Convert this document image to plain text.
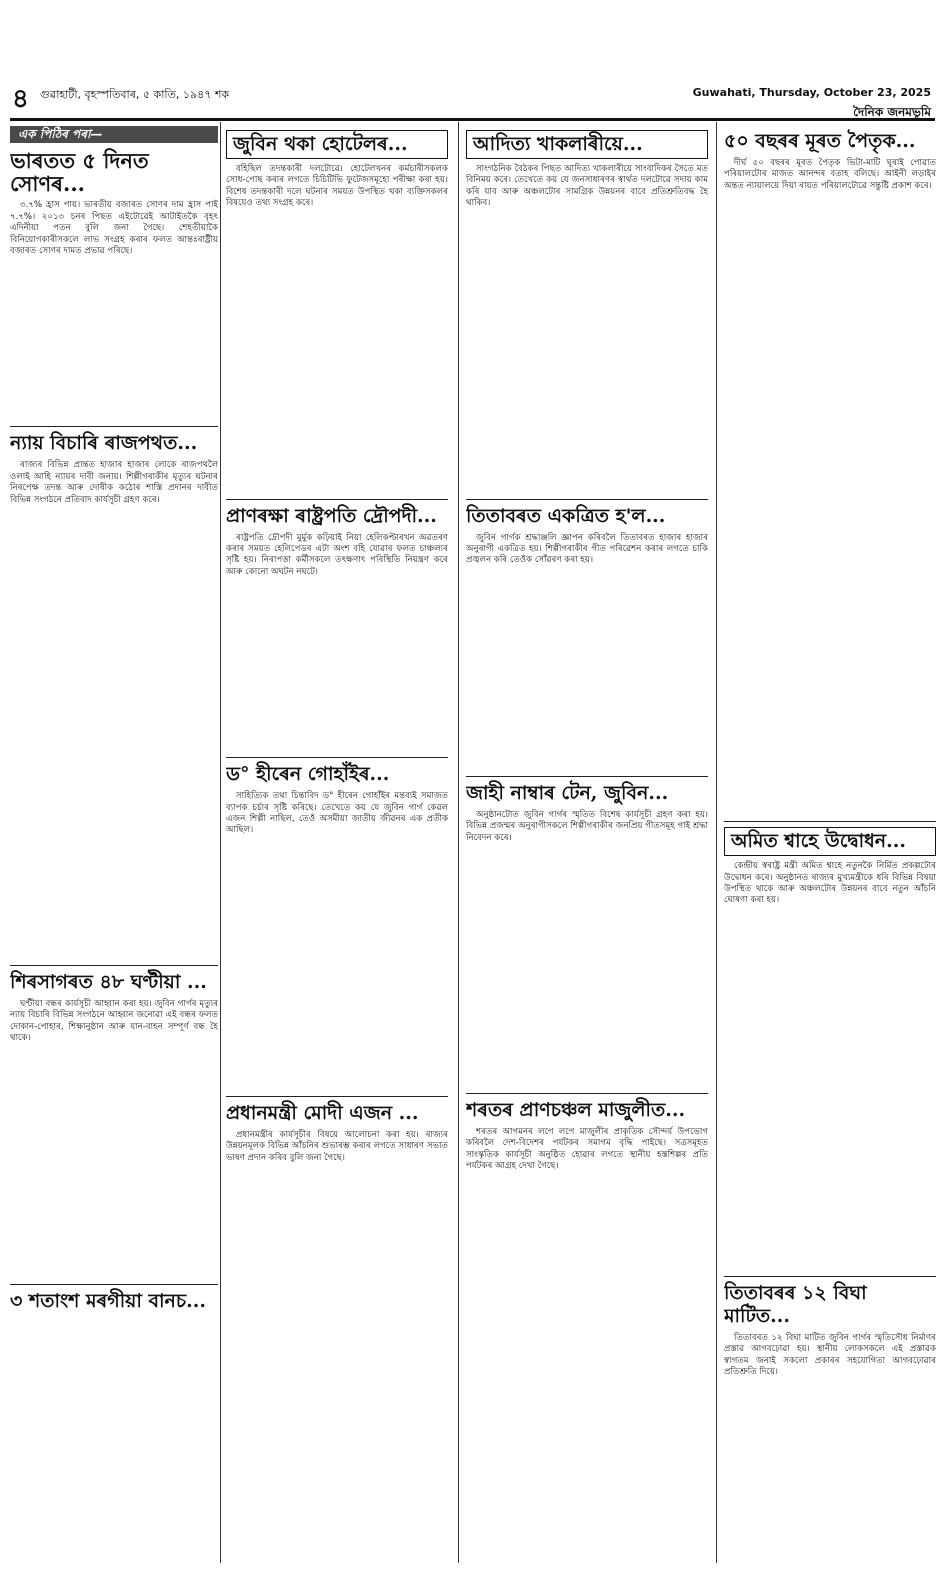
৪ গুৱাহাটী, বৃহস্পতিবাৰ, ৫ কাতি, ১৯৪৭ শক	Guwahati, Thursday, October 23, 2025
দৈনিক জনমভূমি
এক পিঠিৰ পৰা—
ভাৰতত ৫ দিনত সোণৰ...

৩.৭% হ্ৰাস পায়। ভাৰতীয় বজাৰত সোণৰ দাম হ্ৰাস পাই ৭.৭%। ২০১৩ চনৰ পিছত এইটোৱেই আটাইতকৈ বৃহৎ এদিনীয়া পতন বুলি জনা গৈছে। শেহতীয়াকৈ বিনিয়োগকাৰীসকলে লাভ সংগ্ৰহ কৰাৰ ফলত আন্তঃৰাষ্ট্ৰীয় বজাৰত সোণৰ দামত প্ৰভাৱ পৰিছে।

ন্যায় বিচাৰি ৰাজপথত...

ৰাজ্যৰ বিভিন্ন প্ৰান্তত হাজাৰ হাজাৰ লোকে ৰাজপথলৈ ওলাই আহি ন্যায়ৰ দাবী জনায়। শিল্পীগৰাকীৰ মৃত্যুৰ ঘটনাৰ নিৰপেক্ষ তদন্ত আৰু দোষীক কঠোৰ শাস্তি প্ৰদানৰ দাবীত বিভিন্ন সংগঠনে প্ৰতিবাদ কাৰ্যসূচী গ্ৰহণ কৰে।

শিৰসাগৰত ৪৮ ঘণ্টীয়া ...

ঘণ্টীয়া বন্ধৰ কাৰ্যসূচী আহ্বান কৰা হয়। জুবিন গাৰ্গৰ মৃত্যুৰ ন্যায় বিচাৰি বিভিন্ন সংগঠনে আহ্বান জনোৱা এই বন্ধৰ ফলত দোকান-পোহাৰ, শিক্ষানুষ্ঠান আৰু যান-বাহন সম্পূৰ্ণ বন্ধ হৈ থাকে।

৩ শতাংশ মৰগীয়া বানচ...
জুবিন থকা হোটেলৰ...

বহিছিল তদন্তকাৰী দলটোৱে। হোটেলখনৰ কৰ্মচাৰীসকলক সোধ-পোছ কৰাৰ লগতে চিচিটিভি ফুটেজসমূহো পৰীক্ষা কৰা হয়। বিশেষ তদন্তকাৰী দলে ঘটনাৰ সময়ত উপস্থিত থকা ব্যক্তিসকলৰ বিষয়েও তথ্য সংগ্ৰহ কৰে।

প্ৰাণৰক্ষা ৰাষ্ট্ৰপতি দ্ৰৌপদী...

ৰাষ্ট্ৰপতি দ্ৰৌপদী মুৰ্মুক কঢ়িয়াই নিয়া হেলিকপ্টাৰখন অৱতৰণ কৰাৰ সময়ত হেলিপেডৰ এটা অংশ বহি যোৱাৰ ফলত চাঞ্চল্যৰ সৃষ্টি হয়। নিৰাপত্তা কৰ্মীসকলে তৎক্ষণাৎ পৰিস্থিতি নিয়ন্ত্ৰণ কৰে আৰু কোনো অঘটন নঘটে।

ড° হীৰেন গোহাঁইৰ...

সাহিত্যিক তথা চিন্তাবিদ ড° হীৰেন গোহাঁইৰ মন্তব্যই সমাজত ব্যাপক চৰ্চাৰ সৃষ্টি কৰিছে। তেখেতে কয় যে জুবিন গাৰ্গ কেৱল এজন শিল্পী নাছিল, তেওঁ অসমীয়া জাতীয় জীৱনৰ এক প্ৰতীক আছিল।

প্ৰধানমন্ত্ৰী মোদী এজন ...

প্ৰধানমন্ত্ৰীৰ কাৰ্যসূচীৰ বিষয়ে আলোচনা কৰা হয়। ৰাজ্যৰ উন্নয়নমূলক বিভিন্ন আঁচনিৰ শুভাৰম্ভ কৰাৰ লগতে সাধাৰণ সভাত ভাষণ প্ৰদান কৰিব বুলি জনা গৈছে।

আদিত্য খাকলাৰীয়ে...

সাংগঠনিক বৈঠকৰ পিছত আদিত্য খাকলাৰীয়ে সাংবাদিকৰ সৈতে মত বিনিময় কৰে। তেখেতে কয় যে জনসাধাৰণৰ স্বাৰ্থত দলটোৱে সদায় কাম কৰি যাব আৰু অঞ্চলটোৰ সামগ্ৰিক উন্নয়নৰ বাবে প্ৰতিশ্ৰুতিবদ্ধ হৈ থাকিব।

তিতাবৰত একত্ৰিত হ'ল...

জুবিন গাৰ্গক শ্ৰদ্ধাঞ্জলি জ্ঞাপন কৰিবলৈ তিতাবৰত হাজাৰ হাজাৰ অনুৰাগী একত্ৰিত হয়। শিল্পীগৰাকীৰ গীত পৰিৱেশন কৰাৰ লগতে চাকি প্ৰজ্বলন কৰি তেওঁক সোঁৱৰণ কৰা হয়।

জাহী নাম্বাৰ টেন, জুবিন...

অনুষ্ঠানটোত জুবিন গাৰ্গৰ স্মৃতিত বিশেষ কাৰ্যসূচী গ্ৰহণ কৰা হয়। বিভিন্ন প্ৰজন্মৰ অনুৰাগীসকলে শিল্পীগৰাকীৰ জনপ্ৰিয় গীতসমূহ গাই শ্ৰদ্ধা নিবেদন কৰে।

শৰতৰ প্ৰাণচঞ্চল মাজুলীত...

শৰতৰ আগমনৰ লগে লগে মাজুলীৰ প্ৰাকৃতিক সৌন্দৰ্য উপভোগ কৰিবলৈ দেশ-বিদেশৰ পৰ্যটকৰ সমাগম বৃদ্ধি পাইছে। সত্ৰসমূহত সাংস্কৃতিক কাৰ্যসূচী অনুষ্ঠিত হোৱাৰ লগতে স্থানীয় হস্তশিল্পৰ প্ৰতি পৰ্যটকৰ আগ্ৰহ দেখা গৈছে।

৫০ বছৰৰ মূৰত পৈতৃক...

দীৰ্ঘ ৫০ বছৰৰ মূৰত পৈতৃক ভিটা-মাটি ঘূৰাই পোৱাত পৰিয়ালটোৰ মাজত আনন্দৰ বতাহ বলিছে। আইনী লড়াইৰ অন্তত ন্যায়ালয়ে দিয়া ৰায়ত পৰিয়ালটোৱে সন্তুষ্টি প্ৰকাশ কৰে।

অমিত শ্বাহে উদ্বোধন...

কেন্দ্ৰীয় স্বৰাষ্ট্ৰ মন্ত্ৰী অমিত শ্বাহে নতুনকৈ নিৰ্মিত প্ৰকল্পটোৰ উদ্বোধন কৰে। অনুষ্ঠানত ৰাজ্যৰ মুখ্যমন্ত্ৰীকে ধৰি বিভিন্ন বিষয়া উপস্থিত থাকে আৰু অঞ্চলটোৰ উন্নয়নৰ বাবে নতুন আঁচনি ঘোষণা কৰা হয়।

তিতাবৰৰ ১২ বিঘা মাটিত...

তিতাবৰত ১২ বিঘা মাটিত জুবিন গাৰ্গৰ স্মৃতিসৌধ নিৰ্মাণৰ প্ৰস্তাৱ আগবঢ়োৱা হয়। স্থানীয় লোকসকলে এই প্ৰস্তাৱক স্বাগতম জনাই সকলো প্ৰকাৰৰ সহযোগিতা আগবঢ়োৱাৰ প্ৰতিশ্ৰুতি দিয়ে।
